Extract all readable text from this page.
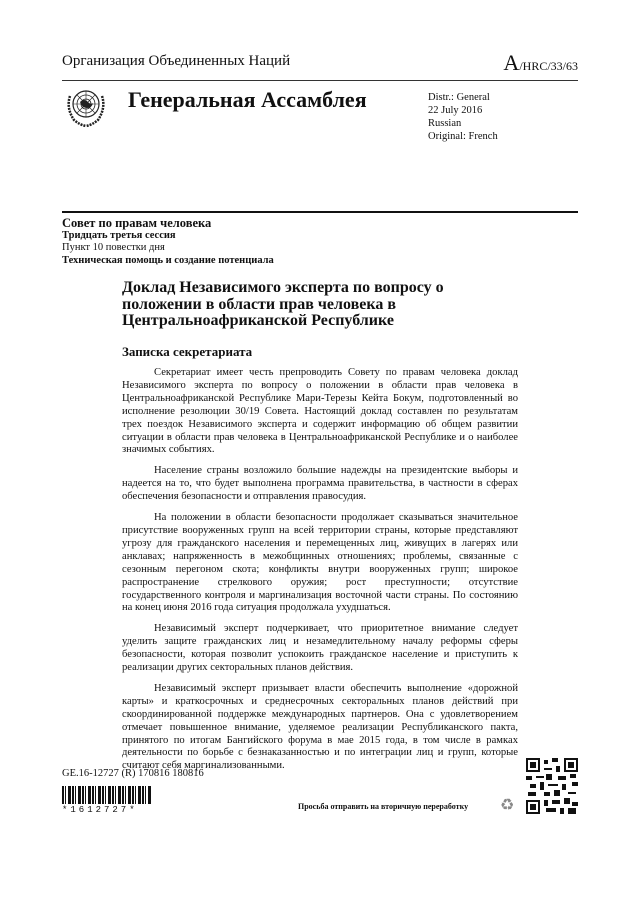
Организация Объединенных Наций	A/HRC/33/63
Генеральная Ассамблея	Distr.: General
22 July 2016
Russian
Original: French
Совет по правам человека
Тридцать третья сессия
Пункт 10 повестки дня
Техническая помощь и создание потенциала
Доклад Независимого эксперта по вопросу о положении в области прав человека в Центральноафриканской Республике
Записка секретариата

Секретариат имеет честь препроводить Совету по правам человека доклад Независимого эксперта по вопросу о положении в области прав человека в Центральноафриканской Республике Мари-Терезы Кейта Бокум, подготовленный во исполнение резолюции 30/19 Совета. Настоящий доклад составлен по результатам трех поездок Независимого эксперта и содержит информацию об общем развитии ситуации в области прав человека в Центральноафриканской Республике и о наиболее значимых событиях.

Население страны возложило большие надежды на президентские выборы и надеется на то, что будет выполнена программа правительства, в частности в сферах обеспечения безопасности и отправления правосудия.

На положении в области безопасности продолжает сказываться значительное присутствие вооруженных групп на всей территории страны, которые представляют угрозу для гражданского населения и перемещенных лиц, живущих в лагерях или анклавах; напряженность в межобщинных отношениях; проблемы, связанные с сезонным перегоном скота; конфликты внутри вооруженных групп; широкое распространение стрелкового оружия; рост преступности; отсутствие государственного контроля и маргинализация восточной части страны. По состоянию на конец июня 2016 года ситуация продолжала ухудшаться.

Независимый эксперт подчеркивает, что приоритетное внимание следует уделить защите гражданских лиц и незамедлительному началу реформы сферы безопасности, которая позволит успокоить гражданское население и приступить к реализации других секторальных планов действия.

Независимый эксперт призывает власти обеспечить выполнение «дорожной карты» и краткосрочных и среднесрочных секторальных планов действий при скоординированной поддержке международных партнеров. Она с удовлетворением отмечает повышенное внимание, уделяемое реализации Республиканского пакта, принятого по итогам Бангийского форума в мае 2015 года, в том числе в рамках деятельности по борьбе с безнаказанностью и по интеграции лиц и групп, которые считают себя маргинализованными.

GE.16-12727 (R) 170816 180816
*1612727*	Просьба отправить на вторичную переработку ♻
